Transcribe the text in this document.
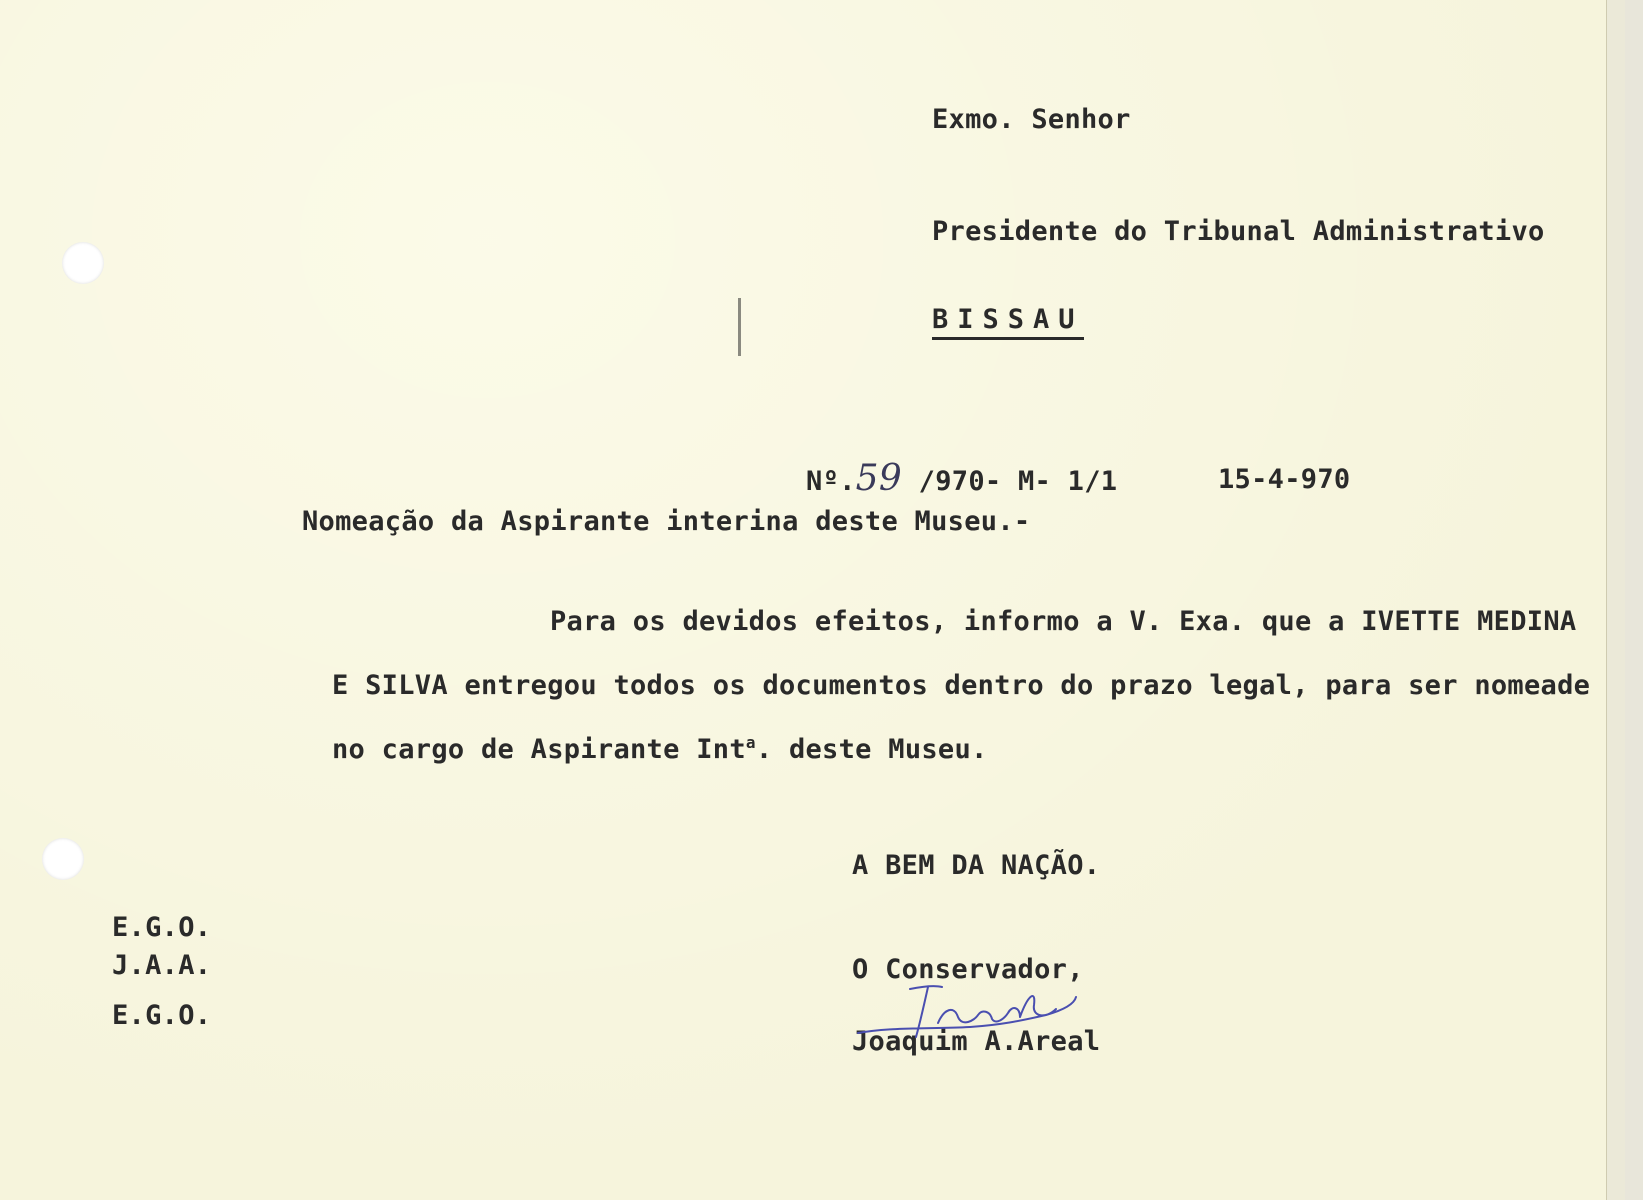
Exmo. Senhor
Presidente do Tribunal Administrativo
BISSAU
Nº.59 /970- M- 1/1	15-4-970
Nomeação da Aspirante interina deste Museu.-
Para os devidos efeitos, informo a V. Exa. que a IVETTE MEDINA
E SILVA entregou todos os documentos dentro do prazo legal, para ser nomeade
no cargo de Aspirante Int$^a$. deste Museu.
A BEM DA NAÇÃO.
E.G.O.
J.A.A.
E.G.O.
O Conservador,
Joaquim A.Areal
